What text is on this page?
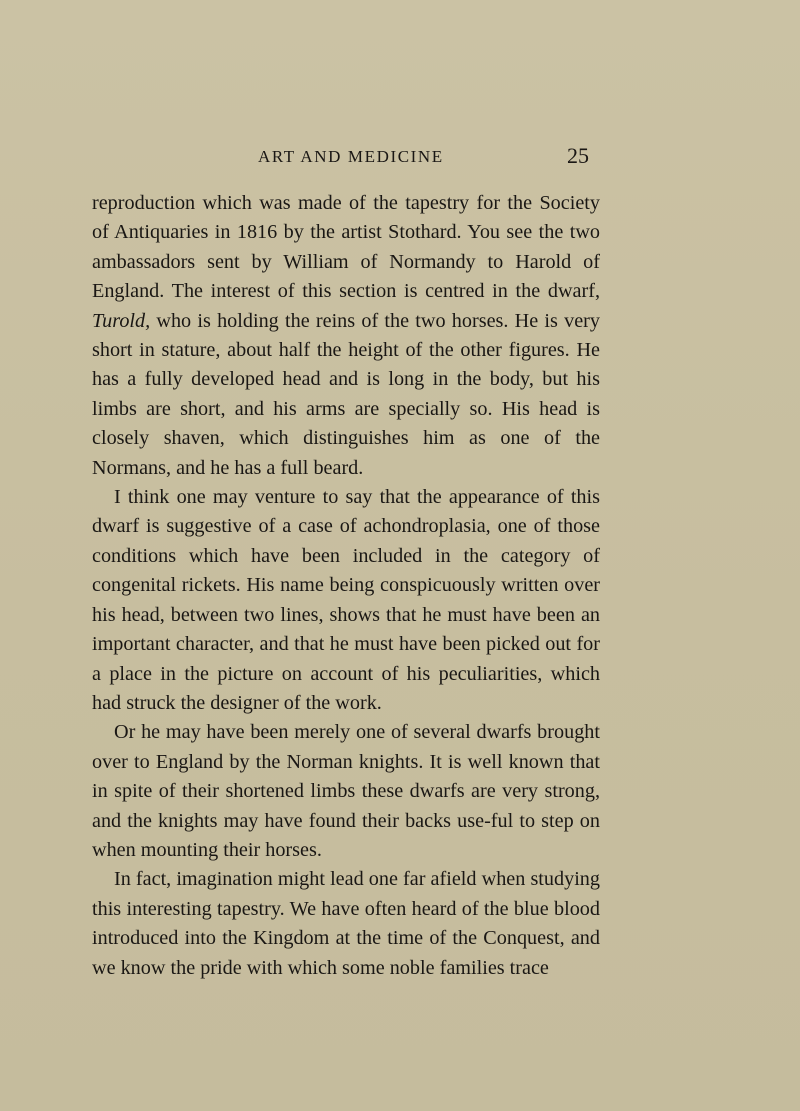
ART AND MEDICINE	25

reproduction which was made of the tapestry for the Society of Antiquaries in 1816 by the artist Stothard. You see the two ambassadors sent by William of Normandy to Harold of England. The interest of this section is centred in the dwarf, Turold, who is holding the reins of the two horses. He is very short in stature, about half the height of the other figures. He has a fully developed head and is long in the body, but his limbs are short, and his arms are specially so. His head is closely shaven, which distinguishes him as one of the Normans, and he has a full beard.

I think one may venture to say that the appearance of this dwarf is suggestive of a case of achondroplasia, one of those conditions which have been included in the category of congenital rickets. His name being conspicuously written over his head, between two lines, shows that he must have been an important character, and that he must have been picked out for a place in the picture on account of his peculiarities, which had struck the designer of the work.

Or he may have been merely one of several dwarfs brought over to England by the Norman knights. It is well known that in spite of their shortened limbs these dwarfs are very strong, and the knights may have found their backs use-ful to step on when mounting their horses.

In fact, imagination might lead one far afield when studying this interesting tapestry. We have often heard of the blue blood introduced into the Kingdom at the time of the Conquest, and we know the pride with which some noble families trace
